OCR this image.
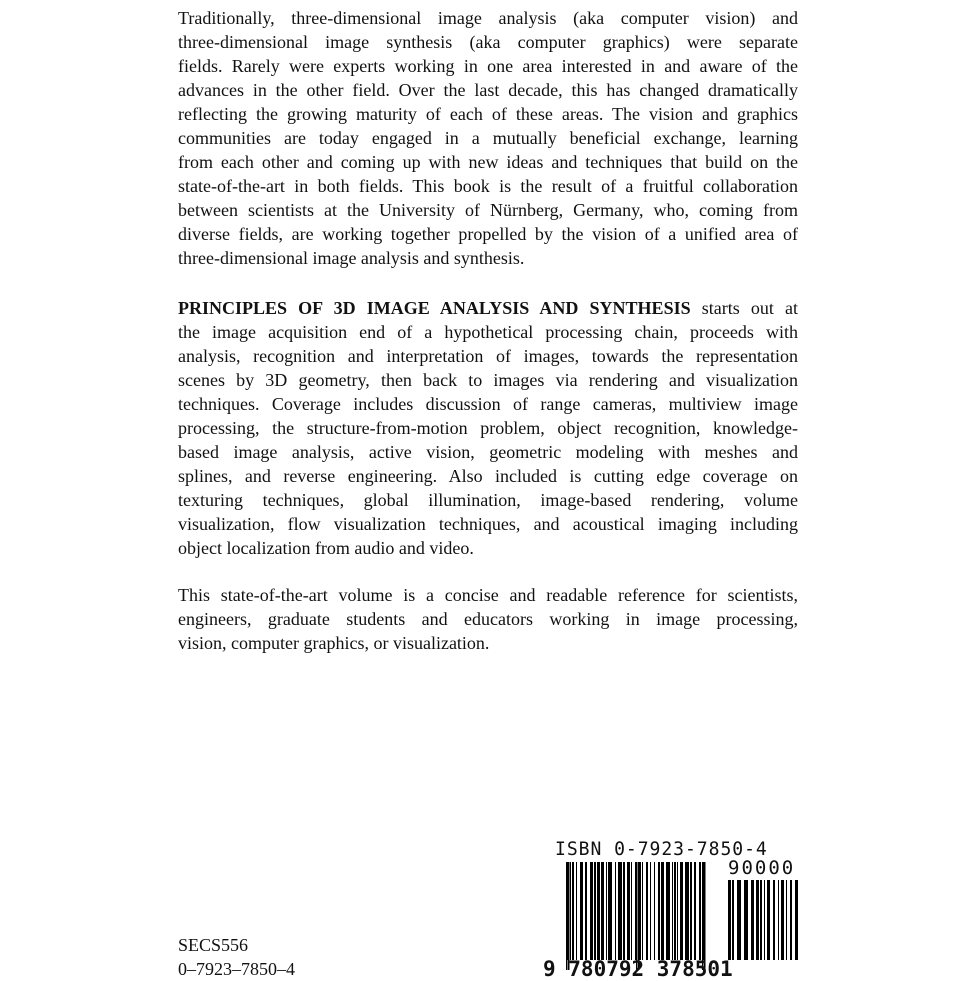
Traditionally, three-dimensional image analysis (aka computer vision) and
three-dimensional image synthesis (aka computer graphics) were separate
fields. Rarely were experts working in one area interested in and aware of the
advances in the other field. Over the last decade, this has changed dramatically
reflecting the growing maturity of each of these areas. The vision and graphics
communities are today engaged in a mutually beneficial exchange, learning
from each other and coming up with new ideas and techniques that build on the
state-of-the-art in both fields. This book is the result of a fruitful collaboration
between scientists at the University of Nürnberg, Germany, who, coming from
diverse fields, are working together propelled by the vision of a unified area of
three-dimensional image analysis and synthesis.
PRINCIPLES OF 3D IMAGE ANALYSIS AND SYNTHESIS starts out at
the image acquisition end of a hypothetical processing chain, proceeds with
analysis, recognition and interpretation of images, towards the representation
scenes by 3D geometry, then back to images via rendering and visualization
techniques. Coverage includes discussion of range cameras, multiview image
processing, the structure-from-motion problem, object recognition, knowledge-
based image analysis, active vision, geometric modeling with meshes and
splines, and reverse engineering. Also included is cutting edge coverage on
texturing techniques, global illumination, image-based rendering, volume
visualization, flow visualization techniques, and acoustical imaging including
object localization from audio and video.
This state-of-the-art volume is a concise and readable reference for scientists,
engineers, graduate students and educators working in image processing,
vision, computer graphics, or visualization.
SECS556
0–7923–7850–4
ISBN 0-7923-7850-4
90000
9 780792 378501
